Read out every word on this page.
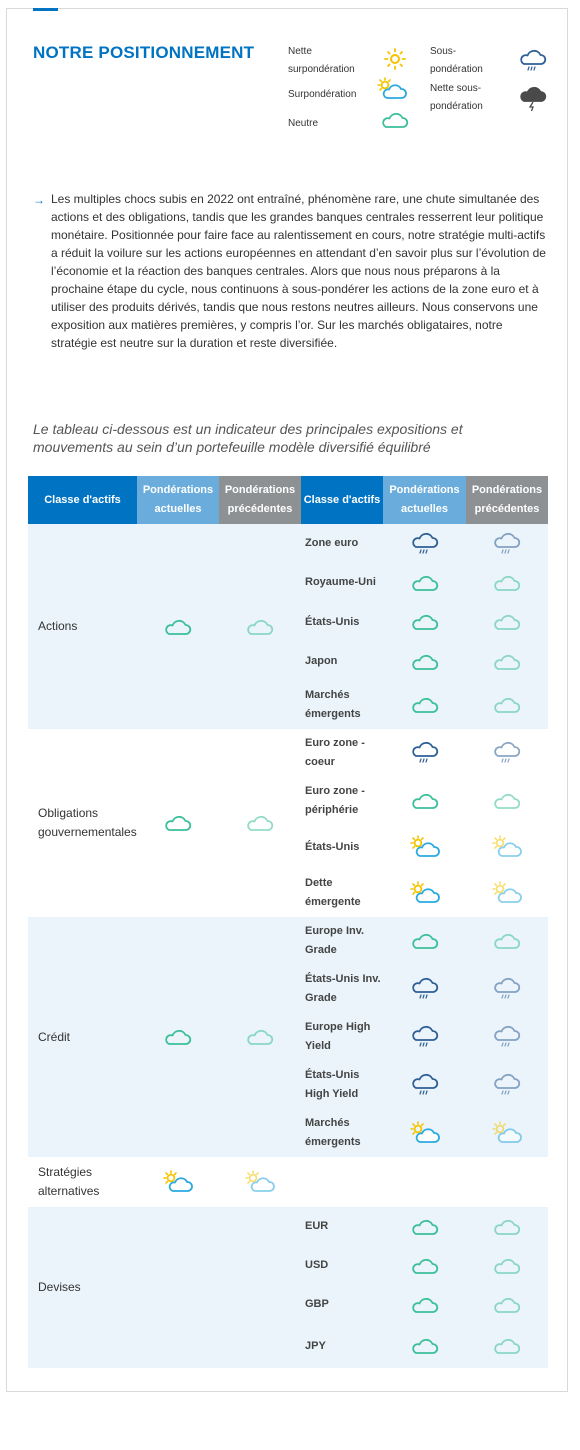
NOTRE POSITIONNEMENT	Nette surpondération
Surpondération
Neutre
Sous-pondération
Nette sous-pondération
→ Les multiples chocs subis en 2022 ont entraîné, phénomène rare, une chute simultanée des actions et des obligations, tandis que les grandes banques centrales resserrent leur politique monétaire. Positionnée pour faire face au ralentissement en cours, notre stratégie multi-actifs a réduit la voilure sur les actions européennes en attendant d’en savoir plus sur l’évolution de l’économie et la réaction des banques centrales. Alors que nous nous préparons à la prochaine étape du cycle, nous continuons à sous-pondérer les actions de la zone euro et à utiliser des produits dérivés, tandis que nous restons neutres ailleurs. Nous conservons une exposition aux matières premières, y compris l’or. Sur les marchés obligataires, notre stratégie est neutre sur la duration et reste diversifiée.

Le tableau ci-dessous est un indicateur des principales expositions et mouvements au sein d’un portefeuille modèle diversifié équilibré

Classe d'actifs	Pondérations actuelles	Pondérations précédentes	Classe d'actifs	Pondérations actuelles	Pondérations précédentes
Actions			Zone euro		
			Royaume-Uni		
			États-Unis		
			Japon		
			Marchés émergents		
Obligations gouvernementales			Euro zone - coeur		
			Euro zone - périphérie		
			États-Unis		
			Dette émergente		
Crédit			Europe Inv. Grade		
			États-Unis Inv. Grade		
			Europe High Yield		
			États-Unis High Yield		
			Marchés émergents		
Stratégies alternatives					
Devises			EUR		
			USD		
			GBP		
			JPY		
